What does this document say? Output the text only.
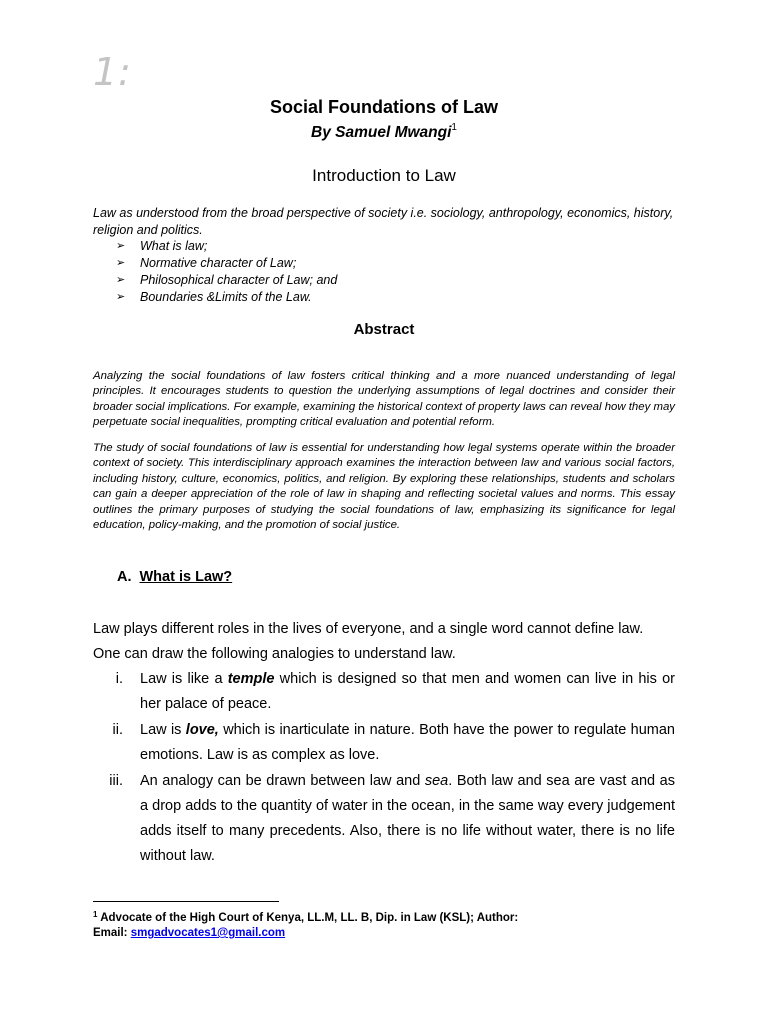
1:
Social Foundations of Law
By Samuel Mwangi$^1$
Introduction to Law
Law as understood from the broad perspective of society i.e. sociology, anthropology, economics, history, religion and politics.
➢	What is law;
➢	Normative character of Law;
➢	Philosophical character of Law; and
➢	Boundaries &Limits of the Law.
Abstract
Analyzing the social foundations of law fosters critical thinking and a more nuanced understanding of legal principles. It encourages students to question the underlying assumptions of legal doctrines and consider their broader social implications. For example, examining the historical context of property laws can reveal how they may perpetuate social inequalities, prompting critical evaluation and potential reform.
The study of social foundations of law is essential for understanding how legal systems operate within the broader context of society. This interdisciplinary approach examines the interaction between law and various social factors, including history, culture, economics, politics, and religion. By exploring these relationships, students and scholars can gain a deeper appreciation of the role of law in shaping and reflecting societal values and norms. This essay outlines the primary purposes of studying the social foundations of law, emphasizing its significance for legal education, policy-making, and the promotion of social justice.
A. What is Law?
Law plays different roles in the lives of everyone, and a single word cannot define law.
One can draw the following analogies to understand law.
i. Law is like a temple which is designed so that men and women can live in his or her palace of peace.
ii. Law is love, which is inarticulate in nature. Both have the power to regulate human emotions. Law is as complex as love.
iii. An analogy can be drawn between law and sea. Both law and sea are vast and as a drop adds to the quantity of water in the ocean, in the same way every judgement adds itself to many precedents. Also, there is no life without water, there is no life without law.
$^1$ Advocate of the High Court of Kenya, LL.M, LL. B, Dip. in Law (KSL); Author:
Email: smgadvocates1@gmail.com
